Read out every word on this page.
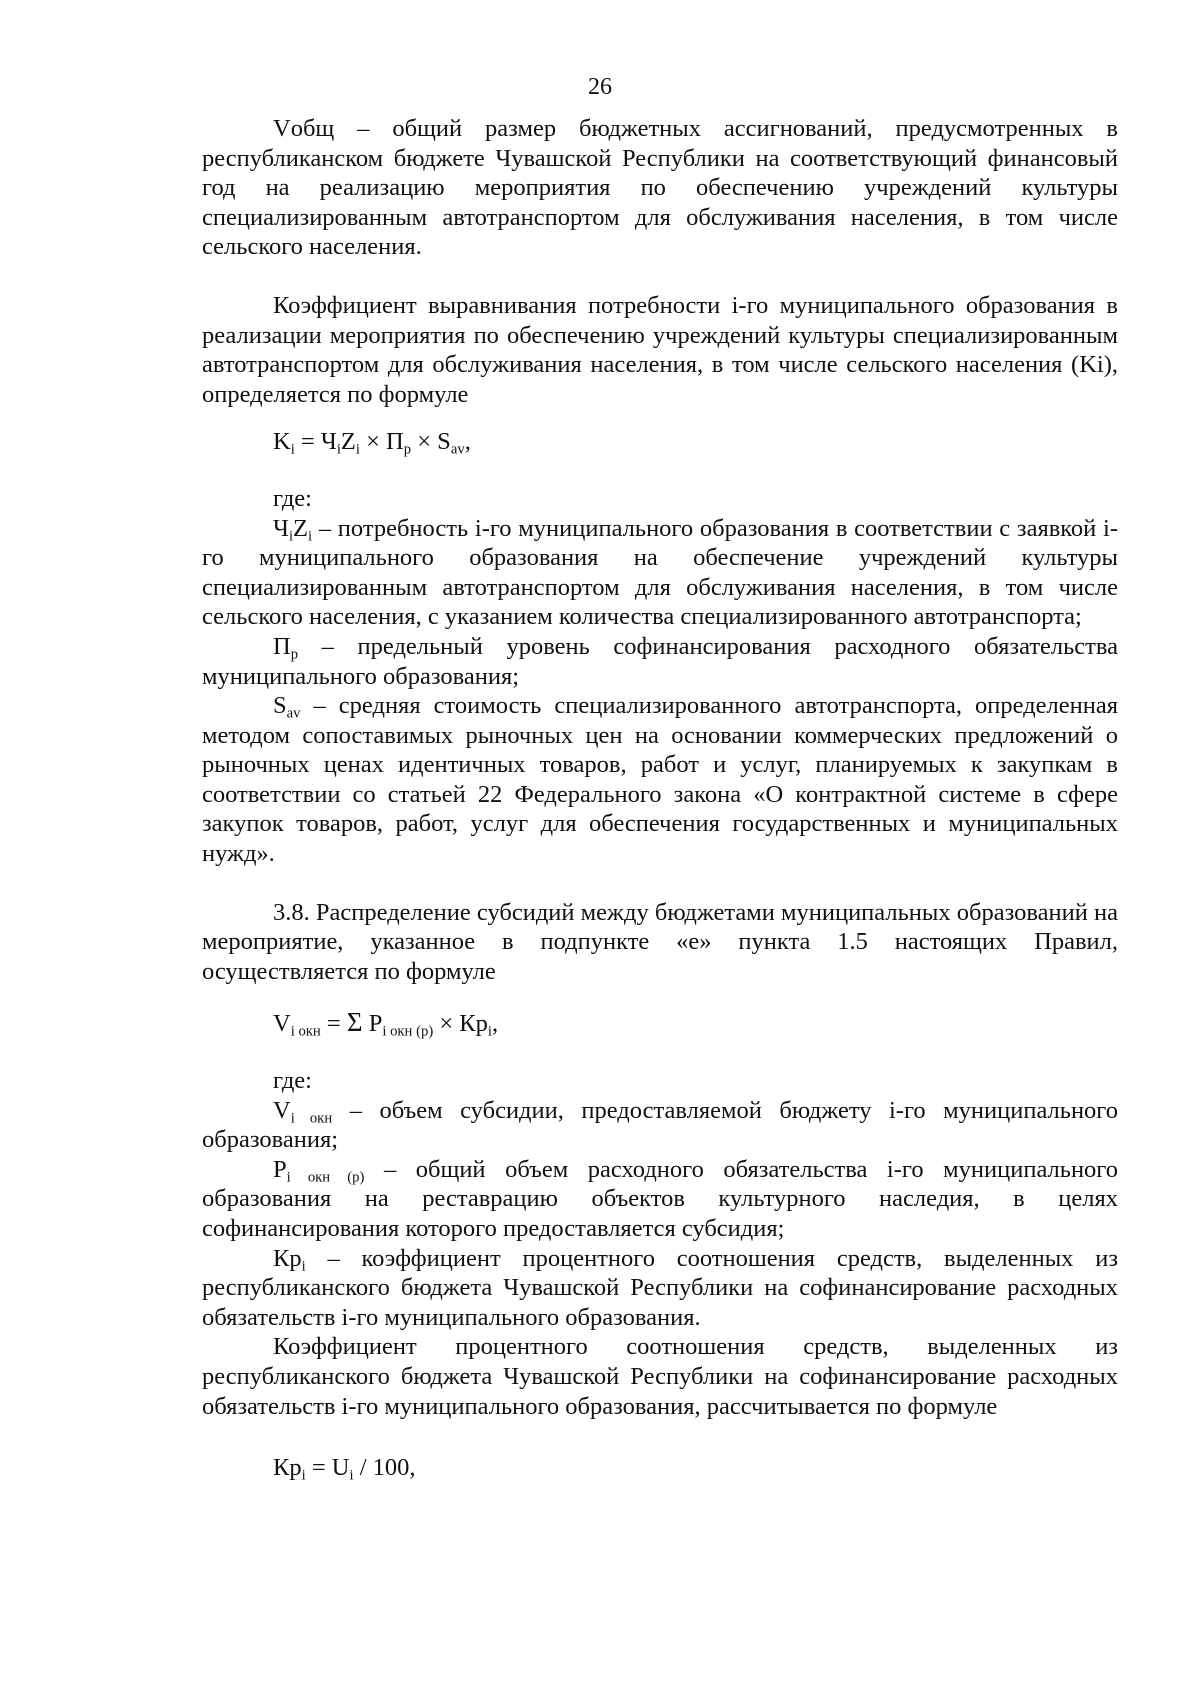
26

Vобщ – общий размер бюджетных ассигнований, предусмотренных в республиканском бюджете Чувашской Республики на соответствующий финансовый год на реализацию мероприятия по обеспечению учреждений культуры специализированным автотранспортом для обслуживания населения, в том числе сельского населения.

Коэффициент выравнивания потребности i-го муниципального образования в реализации мероприятия по обеспечению учреждений культуры специализированным автотранспортом для обслуживания населения, в том числе сельского населения (Ki), определяется по формуле

$K_i = Ч_iZ_i \times П_р \times S_{av}$,
где:

$Ч_iZ_i$ – потребность i-го муниципального образования в соответствии с заявкой i-го муниципального образования на обеспечение учреждений культуры специализированным автотранспортом для обслуживания населения, в том числе сельского населения, с указанием количества специализированного автотранспорта;

$П_р$ – предельный уровень софинансирования расходного обязательства муниципального образования;

$S_{av}$ – средняя стоимость специализированного автотранспорта, определенная методом сопоставимых рыночных цен на основании коммерческих предложений о рыночных ценах идентичных товаров, работ и услуг, планируемых к закупкам в соответствии со статьей 22 Федерального закона «О контрактной системе в сфере закупок товаров, работ, услуг для обеспечения государственных и муниципальных нужд».

3.8. Распределение субсидий между бюджетами муниципальных образований на мероприятие, указанное в подпункте «е» пункта 1.5 настоящих Правил, осуществляется по формуле

$V_{i окн} = \Sigma$ $P_{i окн (р)} \times Кр_i$,
где:

$V_{i окн}$ – объем субсидии, предоставляемой бюджету i-го муниципального образования;

$P_{i окн (р)}$ – общий объем расходного обязательства i-го муниципального образования на реставрацию объектов культурного наследия, в целях софинансирования которого предоставляется субсидия;

$Кр_i$ – коэффициент процентного соотношения средств, выделенных из республиканского бюджета Чувашской Республики на софинансирование расходных обязательств i-го муниципального образования.

Коэффициент процентного соотношения средств, выделенных из республиканского бюджета Чувашской Республики на софинансирование расходных обязательств i-го муниципального образования, рассчитывается по формуле

$Кр_i = U_i / 100$,
